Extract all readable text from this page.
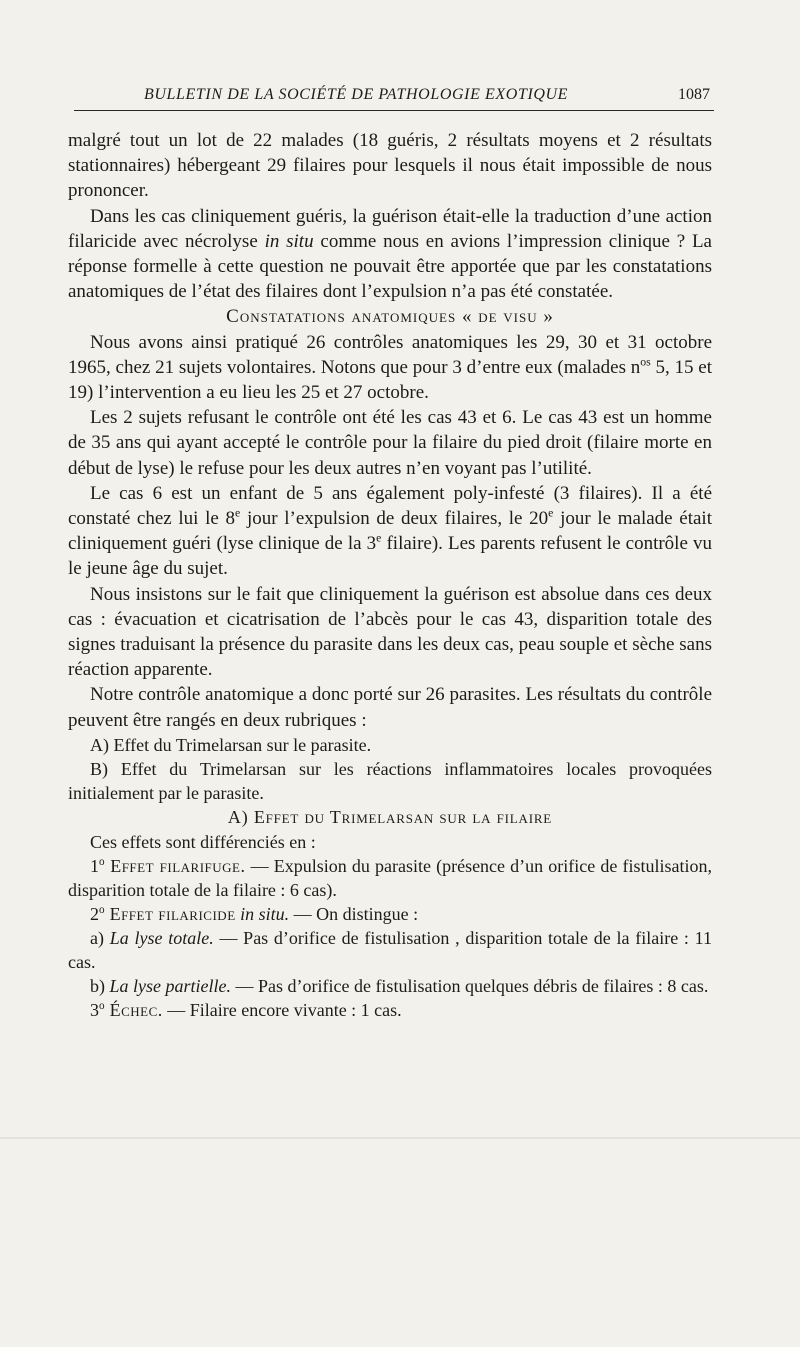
BULLETIN DE LA SOCIÉTÉ DE PATHOLOGIE EXOTIQUE	1087

malgré tout un lot de 22 malades (18 guéris, 2 résultats moyens et 2 résultats stationnaires) hébergeant 29 filaires pour lesquels il nous était impossible de nous prononcer.

Dans les cas cliniquement guéris, la guérison était-elle la traduction d’une action filaricide avec nécrolyse in situ comme nous en avions l’impression clinique ? La réponse formelle à cette question ne pouvait être apportée que par les constatations anatomiques de l’état des filaires dont l’expulsion n’a pas été constatée.

Constatations anatomiques « de visu »

Nous avons ainsi pratiqué 26 contrôles anatomiques les 29, 30 et 31 octobre 1965, chez 21 sujets volontaires. Notons que pour 3 d’entre eux (malades $n^{os}$ 5, 15 et 19) l’intervention a eu lieu les 25 et 27 octobre.

Les 2 sujets refusant le contrôle ont été les cas 43 et 6. Le cas 43 est un homme de 35 ans qui ayant accepté le contrôle pour la filaire du pied droit (filaire morte en début de lyse) le refuse pour les deux autres n’en voyant pas l’utilité.

Le cas 6 est un enfant de 5 ans également poly-infesté (3 filaires). Il a été constaté chez lui le 8e jour l’expulsion de deux filaires, le 20e jour le malade était cliniquement guéri (lyse clinique de la 3e filaire). Les parents refusent le contrôle vu le jeune âge du sujet.

Nous insistons sur le fait que cliniquement la guérison est absolue dans ces deux cas : évacuation et cicatrisation de l’abcès pour le cas 43, disparition totale des signes traduisant la présence du parasite dans les deux cas, peau souple et sèche sans réaction apparente.

Notre contrôle anatomique a donc porté sur 26 parasites. Les résultats du contrôle peuvent être rangés en deux rubriques :

A) Effet du Trimelarsan sur le parasite.

B) Effet du Trimelarsan sur les réactions inflammatoires locales provoquées initialement par le parasite.

A) Effet du Trimelarsan sur la filaire

Ces effets sont différenciés en :

1$^o$ Effet filarifuge. — Expulsion du parasite (présence d’un orifice de fistulisation, disparition totale de la filaire : 6 cas).

2$^o$ Effet filaricide in situ. — On distingue :

a) La lyse totale. — Pas d’orifice de fistulisation , disparition totale de la filaire : 11 cas.

b) La lyse partielle. — Pas d’orifice de fistulisation quelques débris de filaires : 8 cas.

3$^o$ Échec. — Filaire encore vivante : 1 cas.
